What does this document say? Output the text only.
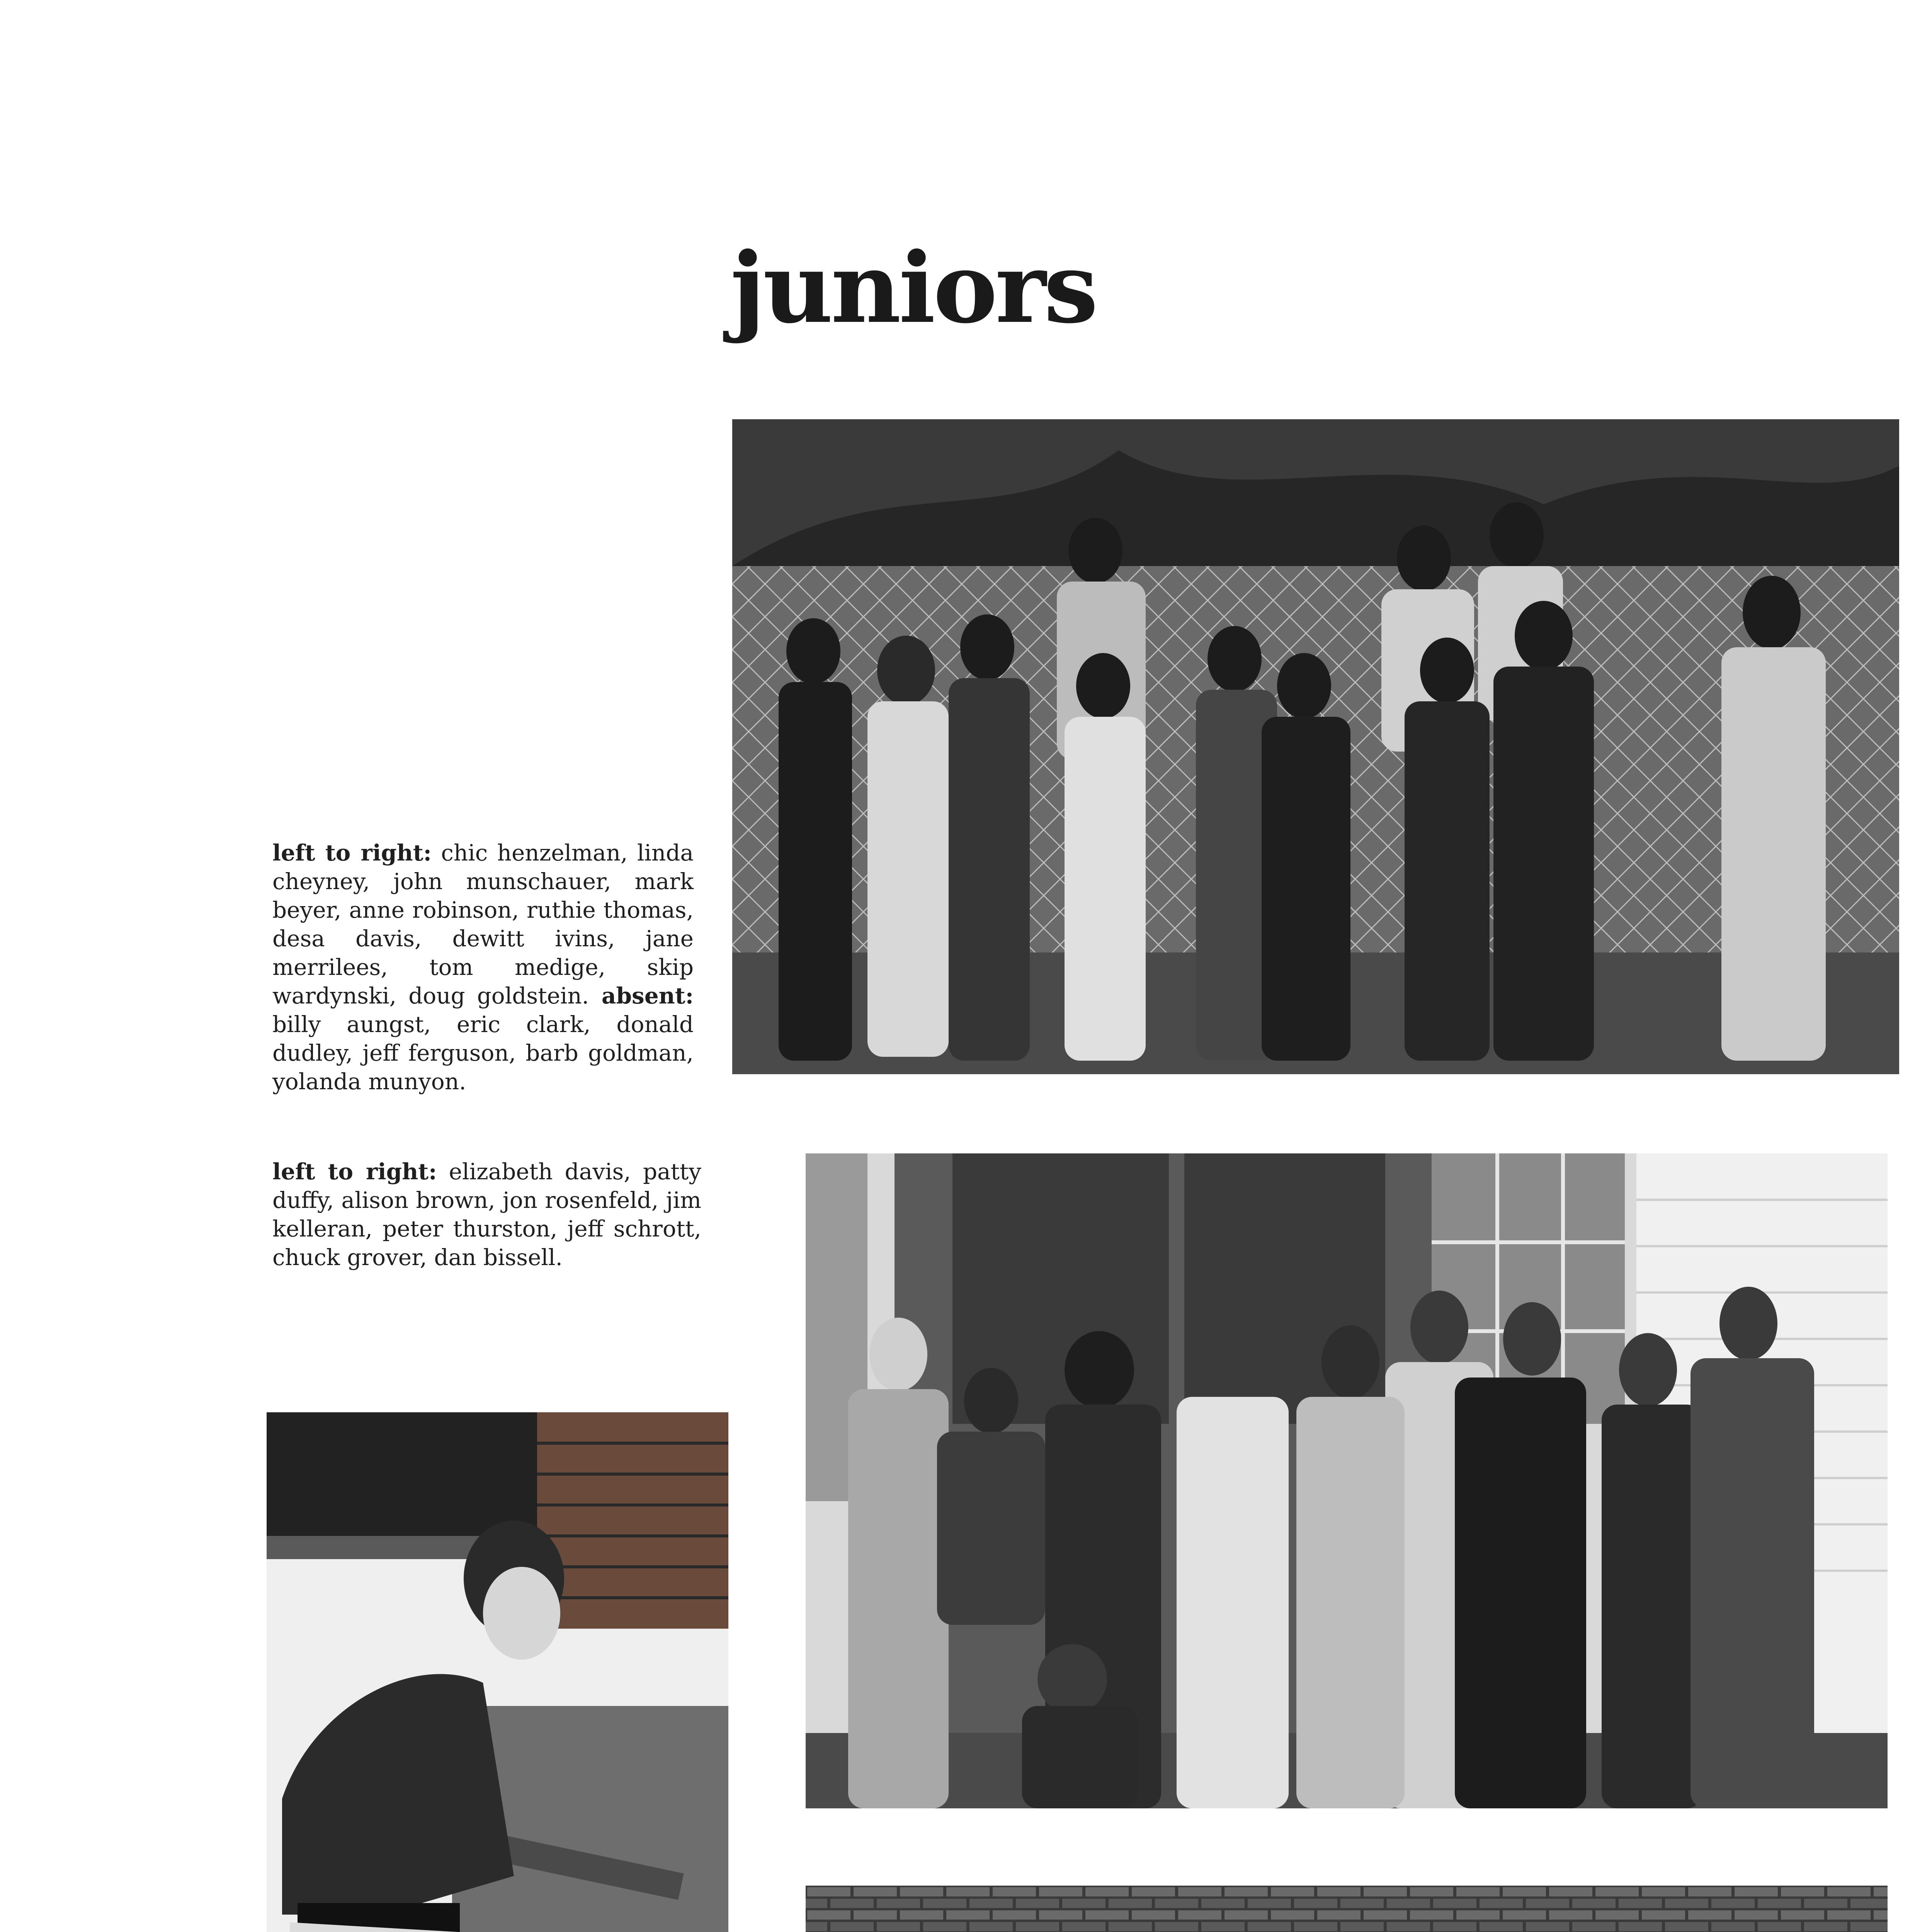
juniors
left to right: chic henzelman, linda cheyney, john munschauer, mark beyer, anne robinson, ruthie thomas, desa davis, dewitt ivins, jane merrilees, tom medige, skip wardynski, doug goldstein. absent: billy aungst, eric clark, donald dudley, jeff ferguson, barb goldman, yolanda munyon.
left to right: elizabeth davis, patty duffy, alison brown, jon rosenfeld, jim kelleran, peter thurston, jeff schrott, chuck grover, dan bissell.
